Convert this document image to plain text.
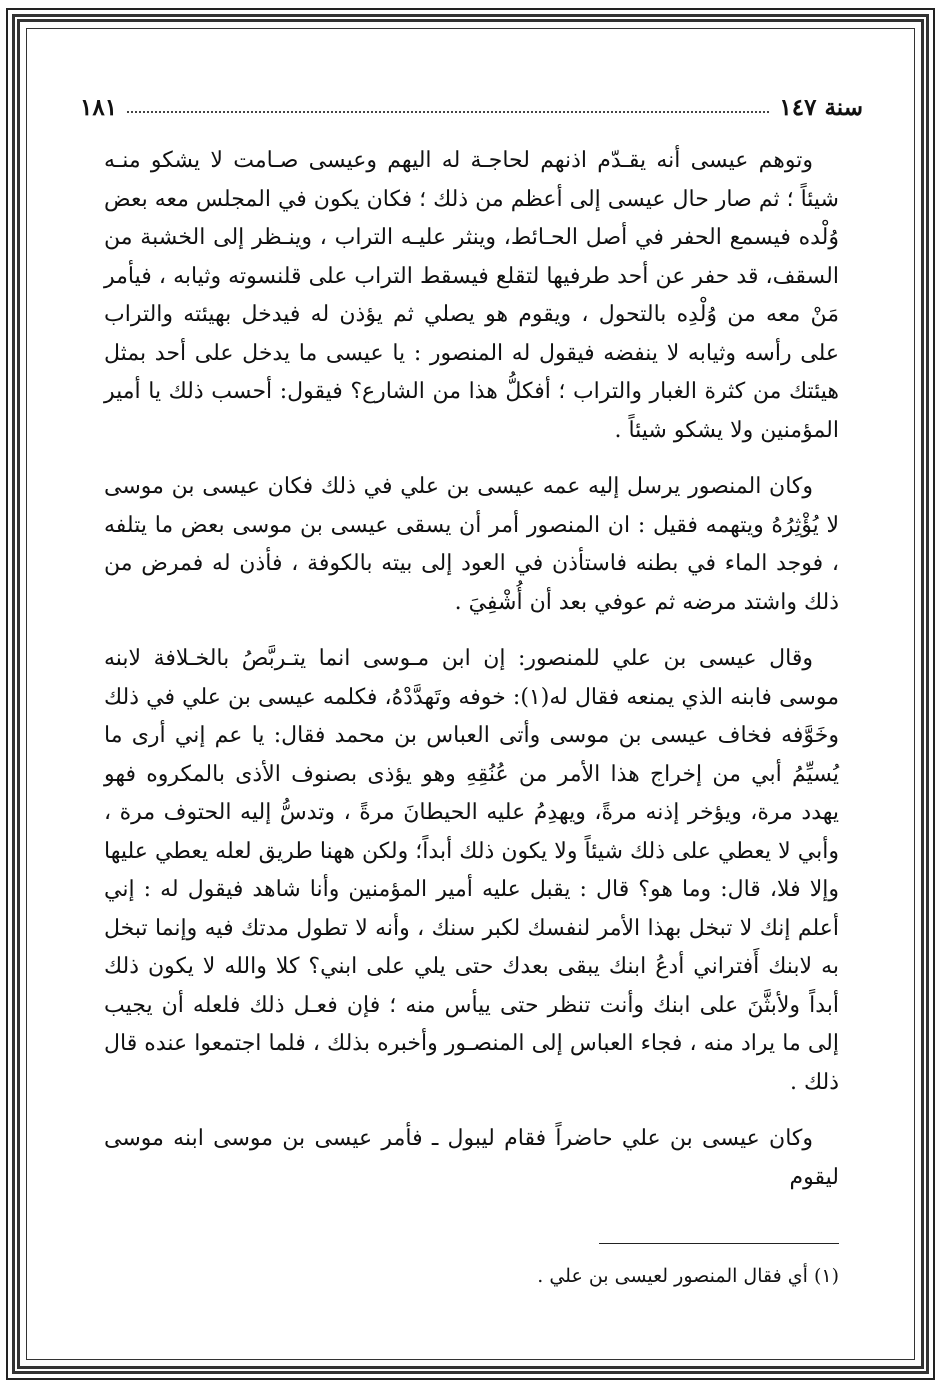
سنة ١٤٧
١٨١

وتوهم عيسى أنه يقـدّم اذنهم لحاجـة له اليهم وعيسى صـامت لا يشكو منـه شيئاً ؛ ثم صار حال عيسى إلى أعظم من ذلك ؛ فكان يكون في المجلس معه بعض وُلْده فيسمع الحفر في أصل الحـائط، وينثر عليـه التراب ، وينـظر إلى الخشبة من السقف، قد حفر عن أحد طرفيها لتقلع فيسقط التراب على قلنسوته وثيابه ، فيأمر مَنْ معه من وُلْدِه بالتحول ، ويقوم هو يصلي ثم يؤذن له فيدخل بهيئته والتراب على رأسه وثيابه لا ينفضه فيقول له المنصور : يا عيسى ما يدخل على أحد بمثل هيئتك من كثرة الغبار والتراب ؛ أفكلُّ هذا من الشارع؟ فيقول: أحسب ذلك يا أمير المؤمنين ولا يشكو شيئاً .

وكان المنصور يرسل إليه عمه عيسى بن علي في ذلك فكان عيسى بن موسى لا يُؤْثِرُهُ ويتهمه فقيل : ان المنصور أمر أن يسقى عيسى بن موسى بعض ما يتلفه ، فوجد الماء في بطنه فاستأذن في العود إلى بيته بالكوفة ، فأذن له فمرض من ذلك واشتد مرضه ثم عوفي بعد أن أُشْفِيَ .

وقال عيسى بن علي للمنصور: إن ابن مـوسى انما يتـربَّصُ بالخـلافة لابنه موسى فابنه الذي يمنعه فقال له(١): خوفه وتَهدَّدْهُ، فكلمه عيسى بن علي في ذلك وخَوَّفه فخاف عيسى بن موسى وأتى العباس بن محمد فقال: يا عم إني أرى ما يُسيِّمُ أبي من إخراج هذا الأمر من عُنُقِهِ وهو يؤذى بصنوف الأذى بالمكروه فهو يهدد مرة، ويؤخر إذنه مرةً، ويهدِمُ عليه الحيطانَ مرةً ، وتدسُّ إليه الحتوف مرة ، وأبي لا يعطي على ذلك شيئاً ولا يكون ذلك أبداً؛ ولكن ههنا طريق لعله يعطي عليها وإلا فلا، قال: وما هو؟ قال : يقبل عليه أمير المؤمنين وأنا شاهد فيقول له : إني أعلم إنك لا تبخل بهذا الأمر لنفسك لكبر سنك ، وأنه لا تطول مدتك فيه وإنما تبخل به لابنك أَفتراني أدعُ ابنك يبقى بعدك حتى يلي على ابني؟ كلا والله لا يكون ذلك أبداً ولأبثَّنَ على ابنك وأنت تنظر حتى ييأس منه ؛ فإن فعـل ذلك فلعله أن يجيب إلى ما يراد منه ، فجاء العباس إلى المنصـور وأخبره بذلك ، فلما اجتمعوا عنده قال ذلك .

وكان عيسى بن علي حاضراً فقام ليبول ـ فأمر عيسى بن موسى ابنه موسى ليقوم

(١) أي فقال المنصور لعيسى بن علي .
